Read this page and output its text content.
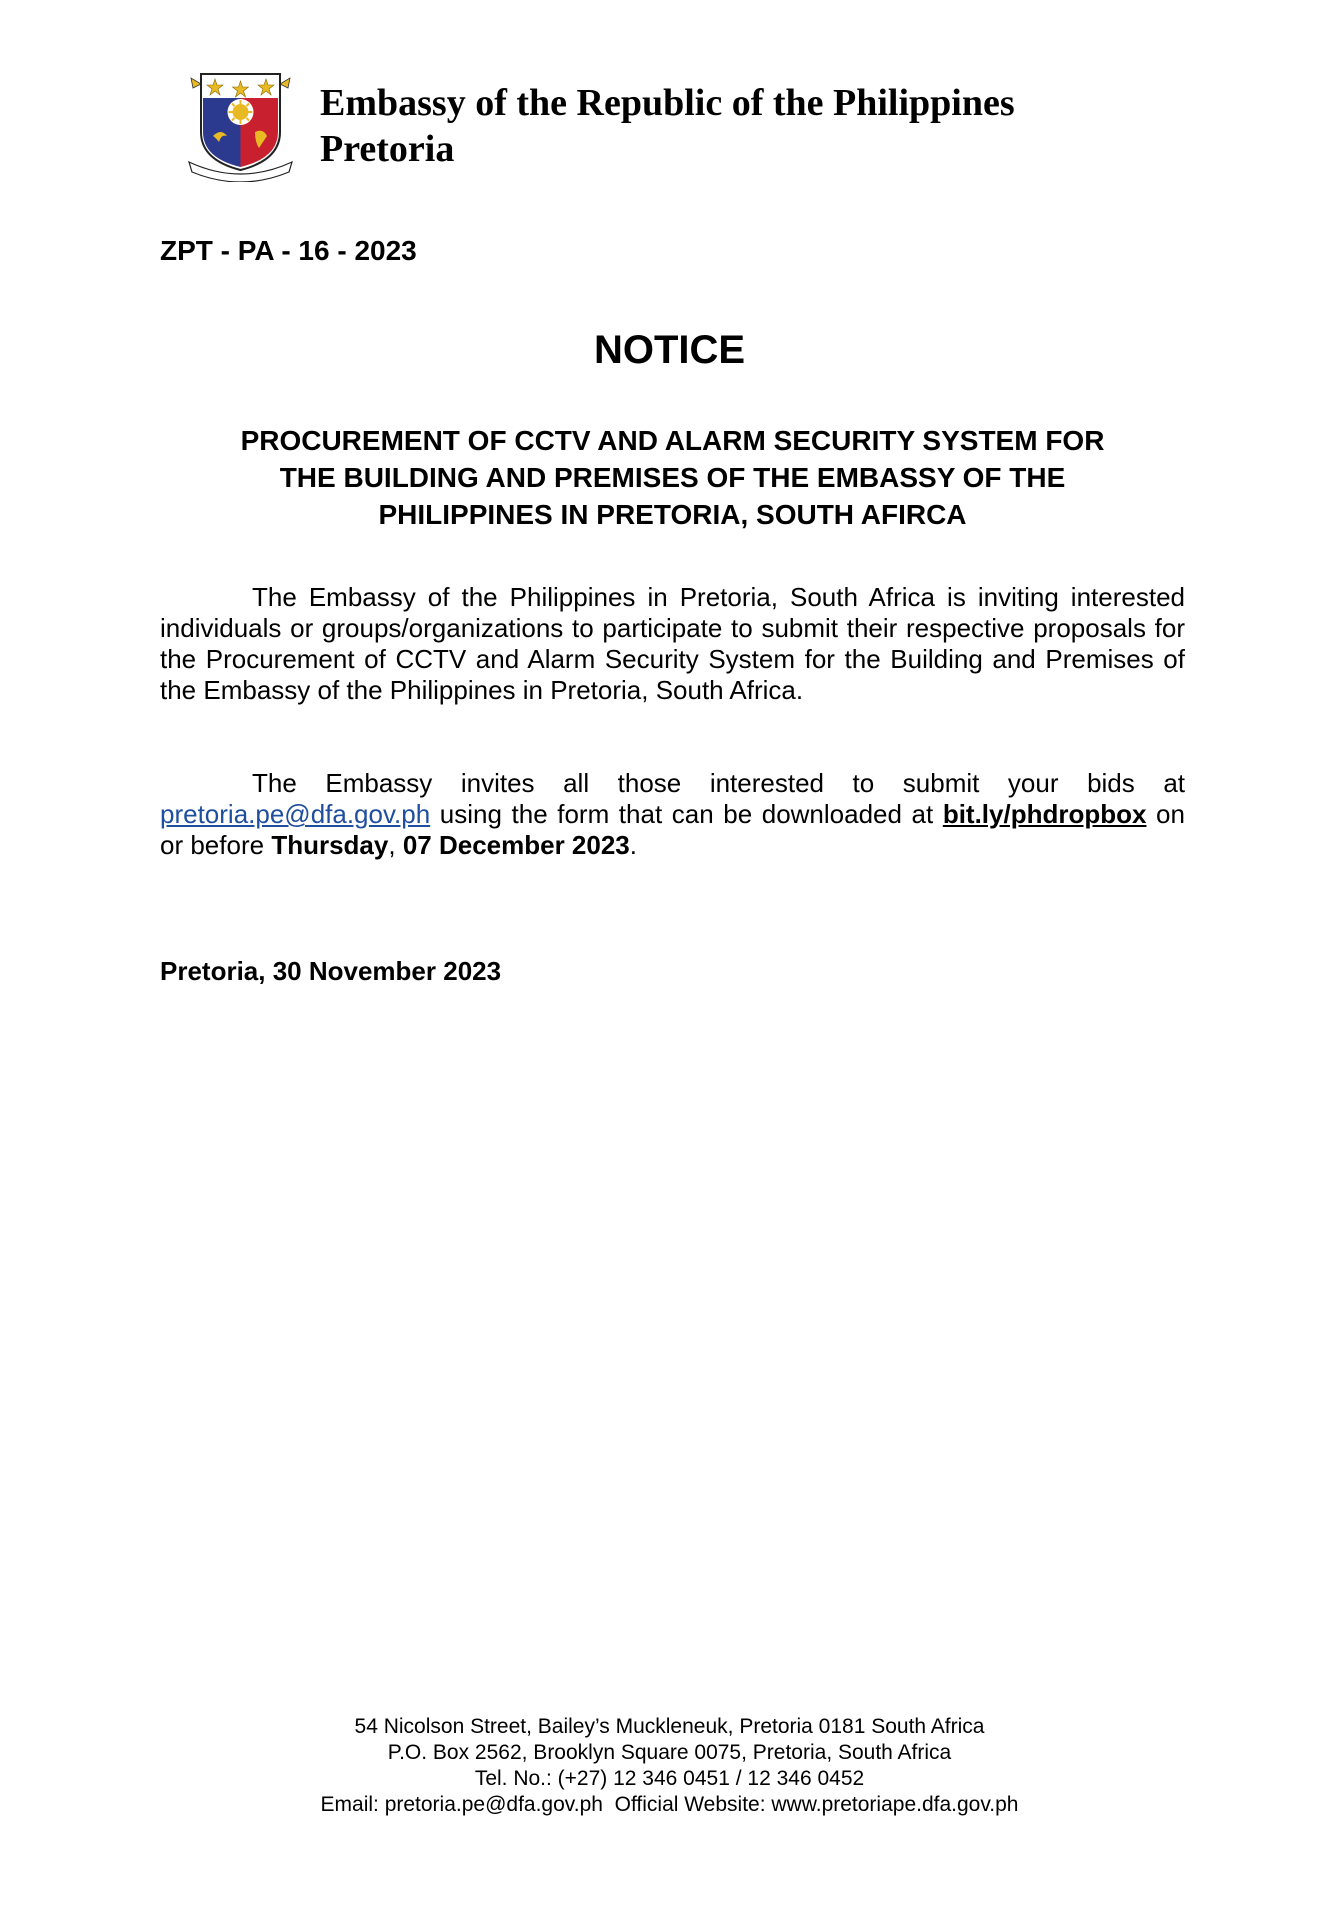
Embassy of the Republic of the Philippines
Pretoria
ZPT - PA - 16 - 2023
NOTICE
PROCUREMENT OF CCTV AND ALARM SECURITY SYSTEM FOR
THE BUILDING AND PREMISES OF THE EMBASSY OF THE
PHILIPPINES IN PRETORIA, SOUTH AFIRCA
The Embassy of the Philippines in Pretoria, South Africa is inviting interested individuals or groups/organizations to participate to submit their respective proposals for the Procurement of CCTV and Alarm Security System for the Building and Premises of the Embassy of the Philippines in Pretoria, South Africa.
The Embassy invites all those interested to submit your bids at pretoria.pe@dfa.gov.ph using the form that can be downloaded at bit.ly/phdropbox on or before Thursday, 07 December 2023.
Pretoria, 30 November 2023
54 Nicolson Street, Bailey’s Muckleneuk, Pretoria 0181 South Africa
P.O. Box 2562, Brooklyn Square 0075, Pretoria, South Africa
Tel. No.: (+27) 12 346 0451 / 12 346 0452
Email: pretoria.pe@dfa.gov.ph Official Website: www.pretoriape.dfa.gov.ph
